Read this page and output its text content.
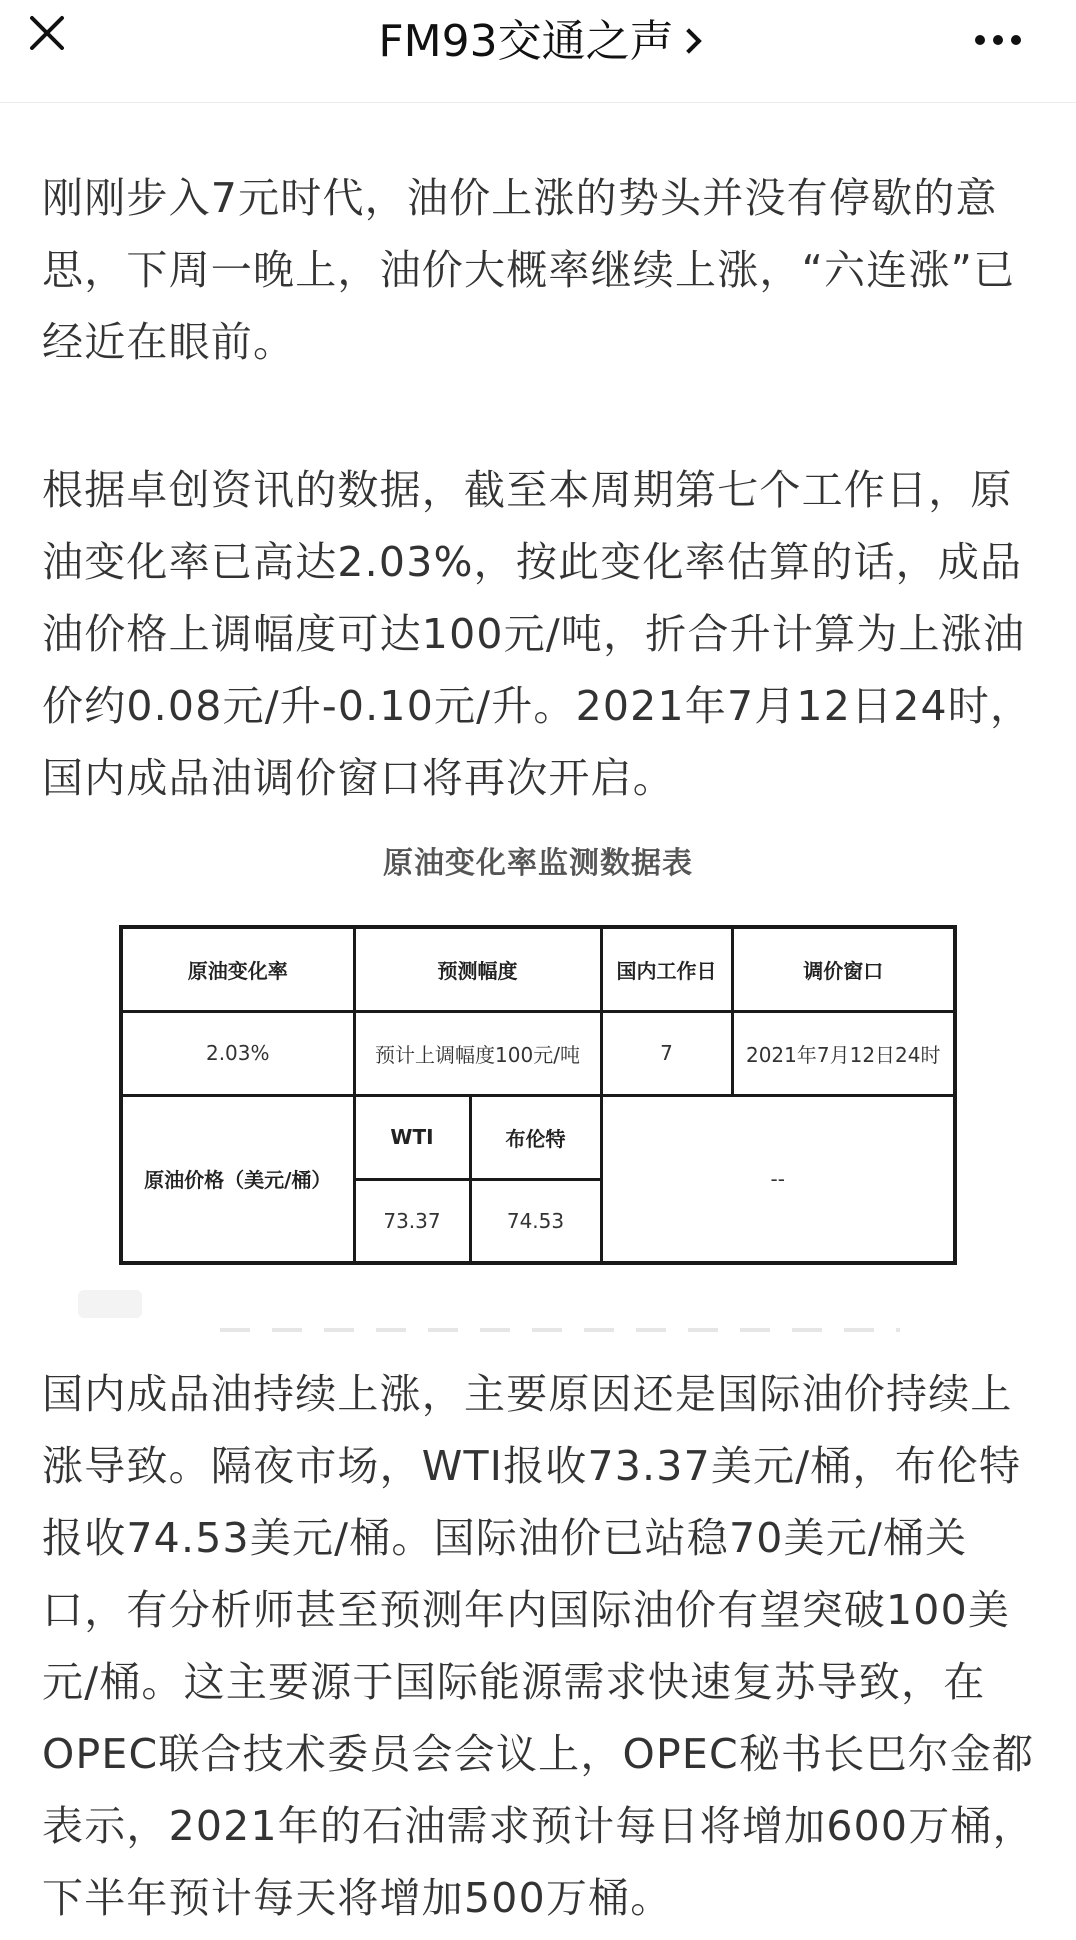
FM93交通之声

刚刚步入7元时代，油价上涨的势头并没有停歇的意思，下周一晚上，油价大概率继续上涨，“六连涨”已经近在眼前。

根据卓创资讯的数据，截至本周期第七个工作日，原油变化率已高达2.03%，按此变化率估算的话，成品油价格上调幅度可达100元/吨，折合升计算为上涨油价约0.08元/升-0.10元/升。2021年7月12日24时，国内成品油调价窗口将再次开启。

原油变化率监测数据表
原油变化率	预测幅度		国内工作日	调价窗口
2.03%	预计上调幅度100元/吨		7	2021年7月12日24时
原油价格（美元/桶）	WTI	布伦特	--	
	73.37	74.53		

国内成品油持续上涨，主要原因还是国际油价持续上涨导致。隔夜市场，WTI报收73.37美元/桶，布伦特报收74.53美元/桶。国际油价已站稳70美元/桶关口，有分析师甚至预测年内国际油价有望突破100美元/桶。这主要源于国际能源需求快速复苏导致，在OPEC联合技术委员会会议上，OPEC秘书长巴尔金都表示，2021年的石油需求预计每日将增加600万桶，下半年预计每天将增加500万桶。
